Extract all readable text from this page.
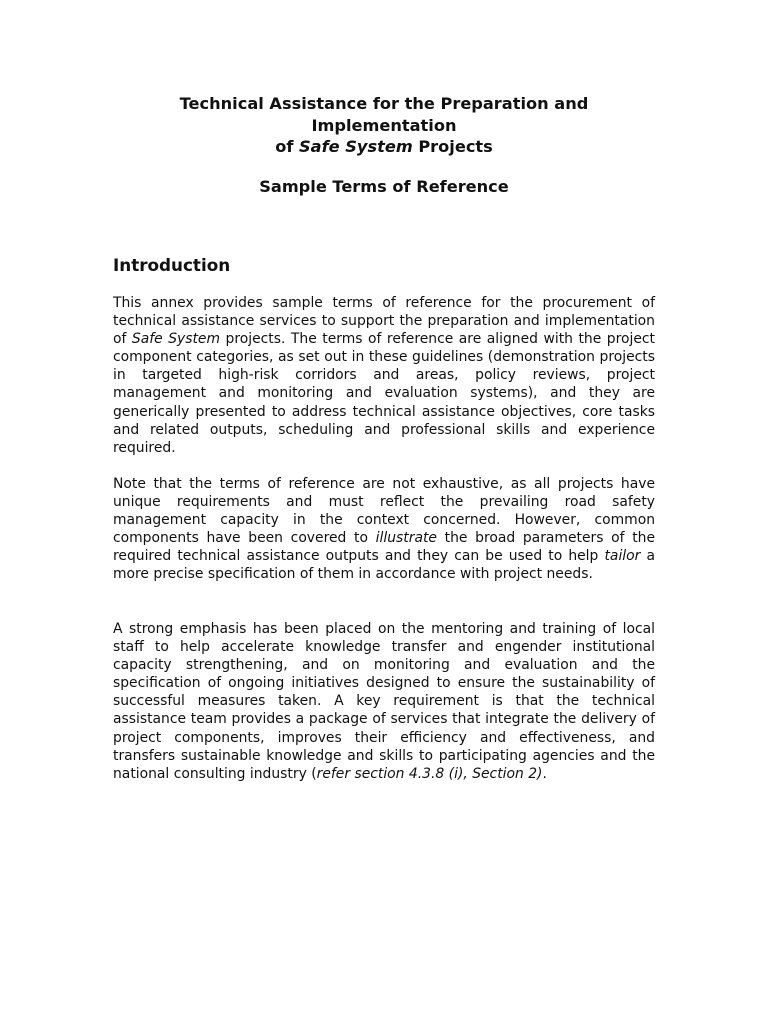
Technical Assistance for the Preparation and
Implementation
of Safe System Projects
Sample Terms of Reference
Introduction

This annex provides sample terms of reference for the procurement of technical assistance services to support the preparation and implementation of Safe System projects. The terms of reference are aligned with the project component categories, as set out in these guidelines (demonstration projects in targeted high-risk corridors and areas, policy reviews, project management and monitoring and evaluation systems), and they are generically presented to address technical assistance objectives, core tasks and related outputs, scheduling and professional skills and experience required.

Note that the terms of reference are not exhaustive, as all projects have unique requirements and must reflect the prevailing road safety management capacity in the context concerned. However, common components have been covered to illustrate the broad parameters of the required technical assistance outputs and they can be used to help tailor a more precise specification of them in accordance with project needs.

A strong emphasis has been placed on the mentoring and training of local staff to help accelerate knowledge transfer and engender institutional capacity strengthening, and on monitoring and evaluation and the specification of ongoing initiatives designed to ensure the sustainability of successful measures taken. A key requirement is that the technical assistance team provides a package of services that integrate the delivery of project components, improves their efficiency and effectiveness, and transfers sustainable knowledge and skills to participating agencies and the national consulting industry (refer section 4.3.8 (i), Section 2).
